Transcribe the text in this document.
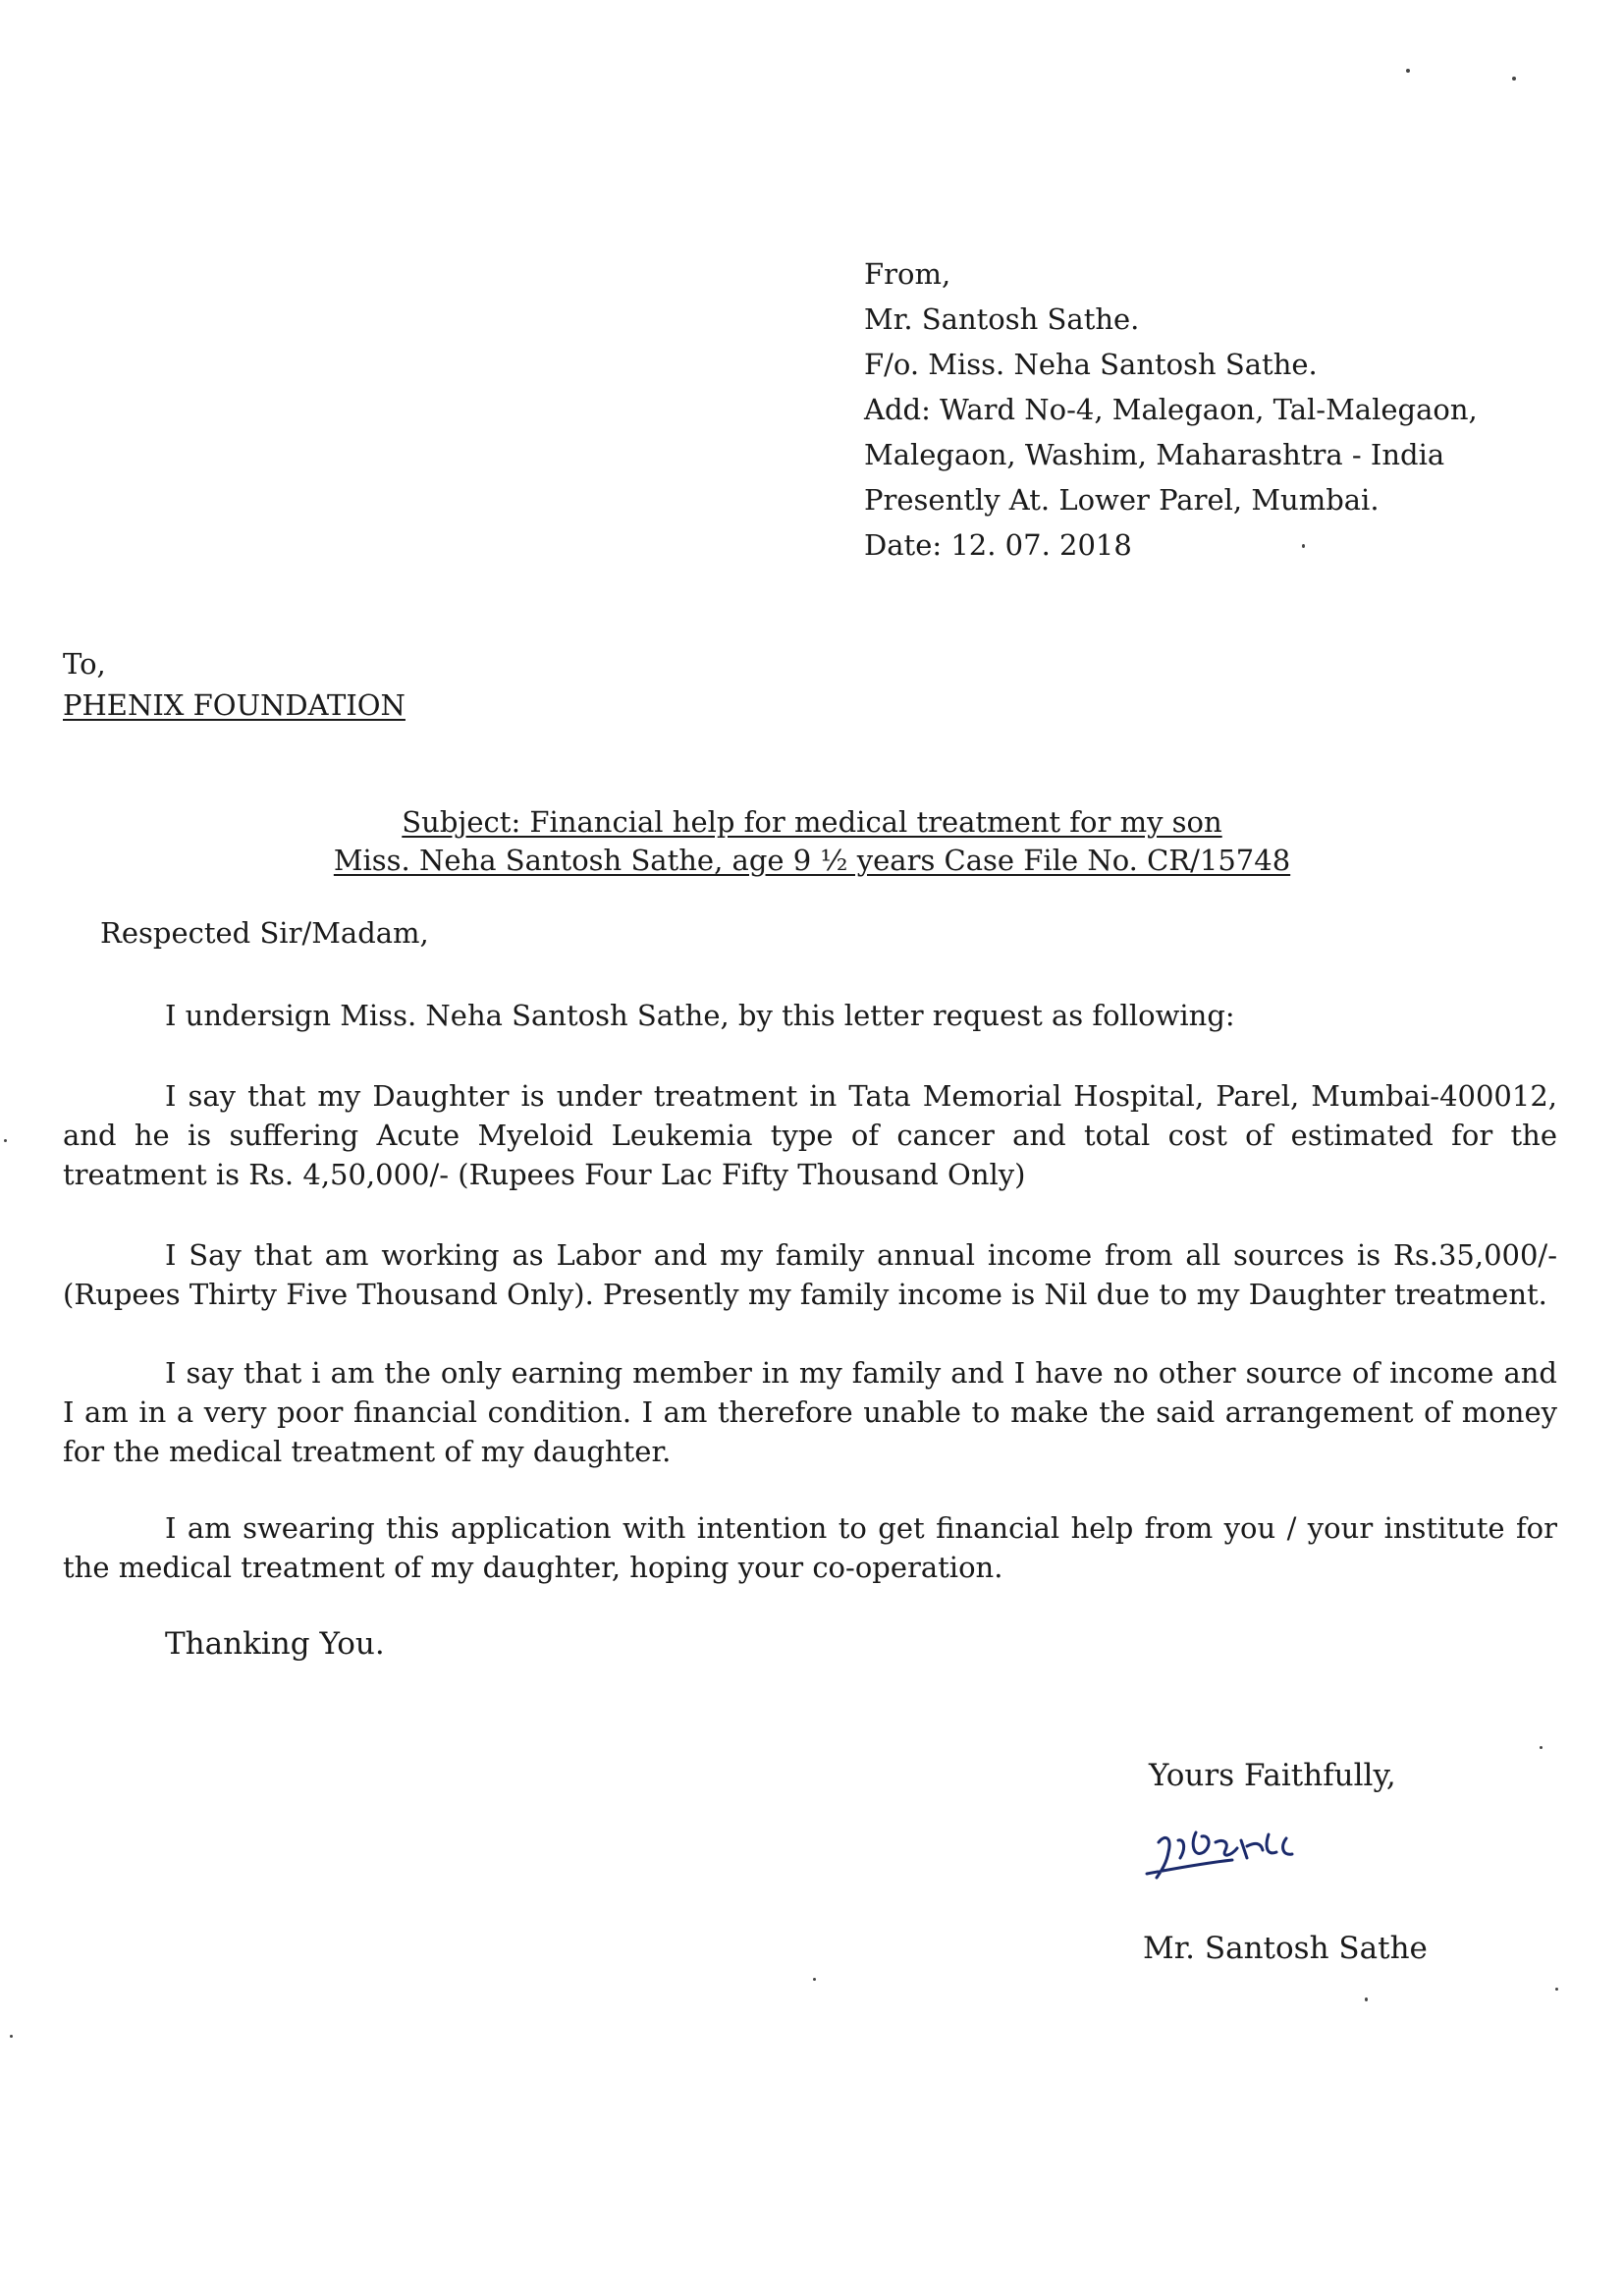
From,
Mr. Santosh Sathe.
F/o. Miss. Neha Santosh Sathe.
Add: Ward No-4, Malegaon, Tal-Malegaon,
Malegaon, Washim, Maharashtra - India
Presently At. Lower Parel, Mumbai.
Date: 12. 07. 2018
To,
PHENIX FOUNDATION
Subject: Financial help for medical treatment for my son
Miss. Neha Santosh Sathe, age 9 ½ years Case File No. CR/15748
Respected Sir/Madam,
I undersign Miss. Neha Santosh Sathe, by this letter request as following:
I say that my Daughter is under treatment in Tata Memorial Hospital, Parel, Mumbai-400012, and he is suffering Acute Myeloid Leukemia type of cancer and total cost of estimated for the treatment is Rs. 4,50,000/- (Rupees Four Lac Fifty Thousand Only)
I Say that am working as Labor and my family annual income from all sources is Rs.35,000/- (Rupees Thirty Five Thousand Only). Presently my family income is Nil due to my Daughter treatment.
I say that i am the only earning member in my family and I have no other source of income and I am in a very poor financial condition. I am therefore unable to make the said arrangement of money for the medical treatment of my daughter.
I am swearing this application with intention to get financial help from you / your institute for the medical treatment of my daughter, hoping your co-operation.
Thanking You.
Yours Faithfully,
Mr. Santosh Sathe
